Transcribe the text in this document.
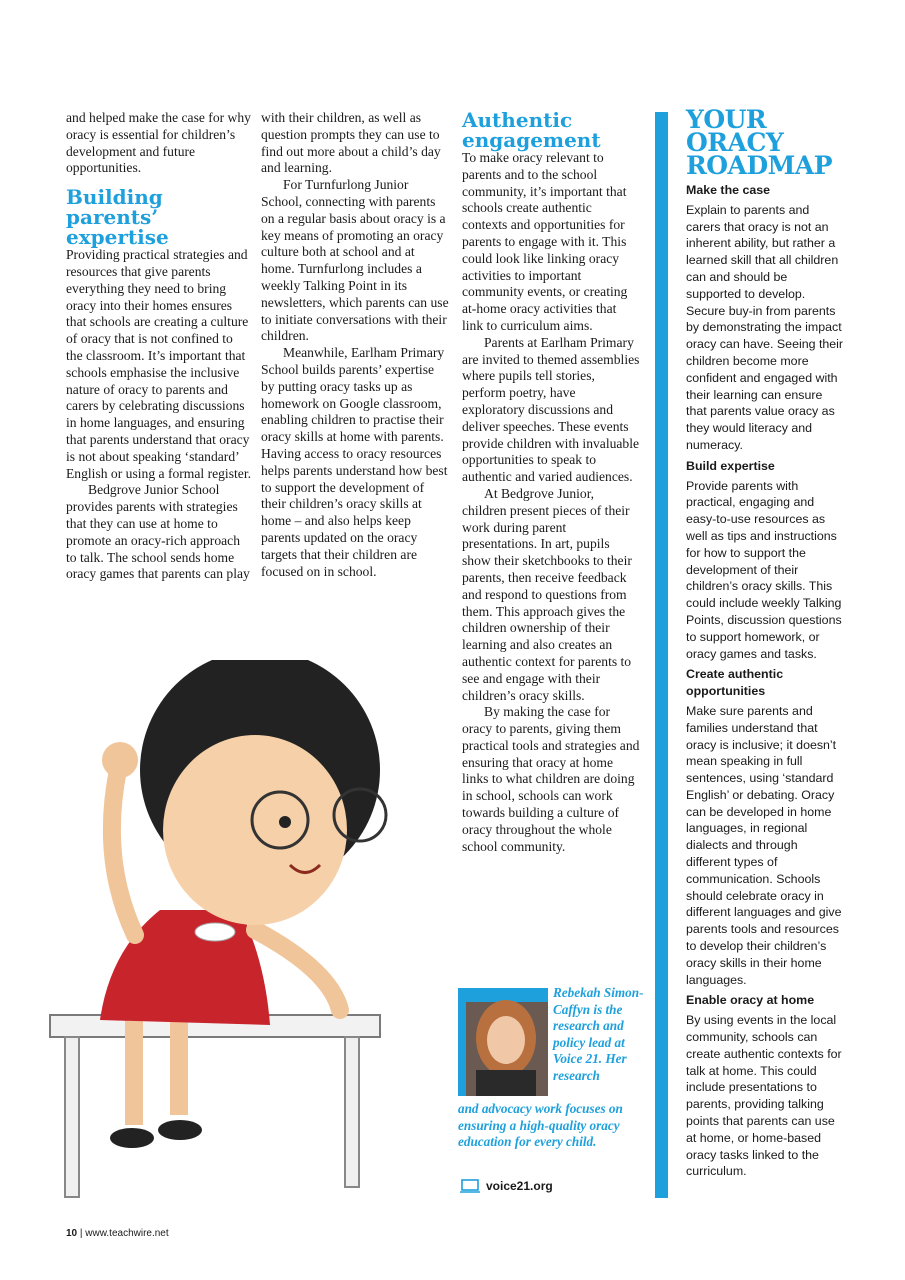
and helped make the case for why oracy is essential for children’s development and future opportunities.

Building parents’ expertise

Providing practical strategies and resources that give parents everything they need to bring oracy into their homes ensures that schools are creating a culture of oracy that is not confined to the classroom. It’s important that schools emphasise the inclusive nature of oracy to parents and carers by celebrating discussions in home languages, and ensuring that parents understand that oracy is not about speaking ‘standard’ English or using a formal register.

Bedgrove Junior School provides parents with strategies that they can use at home to promote an oracy-rich approach to talk. The school sends home oracy games that parents can play

with their children, as well as question prompts they can use to find out more about a child’s day and learning.

For Turnfurlong Junior School, connecting with parents on a regular basis about oracy is a key means of promoting an oracy culture both at school and at home. Turnfurlong includes a weekly Talking Point in its newsletters, which parents can use to initiate conversations with their children.

Meanwhile, Earlham Primary School builds parents’ expertise by putting oracy tasks up as homework on Google classroom, enabling children to practise their oracy skills at home with parents. Having access to oracy resources helps parents understand how best to support the development of their children’s oracy skills at home – and also helps keep parents updated on the oracy targets that their children are focused on in school.

Authentic engagement

To make oracy relevant to parents and to the school community, it’s important that schools create authentic contexts and opportunities for parents to engage with it. This could look like linking oracy activities to important community events, or creating at-home oracy activities that link to curriculum aims.

Parents at Earlham Primary are invited to themed assemblies where pupils tell stories, perform poetry, have exploratory discussions and deliver speeches. These events provide children with invaluable opportunities to speak to authentic and varied audiences.

At Bedgrove Junior, children present pieces of their work during parent presentations. In art, pupils show their sketchbooks to their parents, then receive feedback and respond to questions from them. This approach gives the children ownership of their learning and also creates an authentic context for parents to see and engage with their children’s oracy skills.

By making the case for oracy to parents, giving them practical tools and strategies and ensuring that oracy at home links to what children are doing in school, schools can work towards building a culture of oracy throughout the whole school community.

Rebekah Simon-Caffyn is the research and policy lead at Voice 21. Her research
and advocacy work focuses on ensuring a high-quality oracy education for every child.
voice21.org
YOUR
ORACY
ROADMAP
Make the case

Explain to parents and carers that oracy is not an inherent ability, but rather a learned skill that all children can and should be supported to develop. Secure buy-in from parents by demonstrating the impact oracy can have. Seeing their children become more confident and engaged with their learning can ensure that parents value oracy as they would literacy and numeracy.

Build expertise

Provide parents with practical, engaging and easy-to-use resources as well as tips and instructions for how to support the development of their children’s oracy skills. This could include weekly Talking Points, discussion questions to support homework, or oracy games and tasks.

Create authentic opportunities

Make sure parents and families understand that oracy is inclusive; it doesn’t mean speaking in full sentences, using ‘standard English’ or debating. Oracy can be developed in home languages, in regional dialects and through different types of communication. Schools should celebrate oracy in different languages and give parents tools and resources to develop their children’s oracy skills in their home languages.

Enable oracy at home

By using events in the local community, schools can create authentic contexts for talk at home. This could include presentations to parents, providing talking points that parents can use at home, or home-based oracy tasks linked to the curriculum.

10 | www.teachwire.net
